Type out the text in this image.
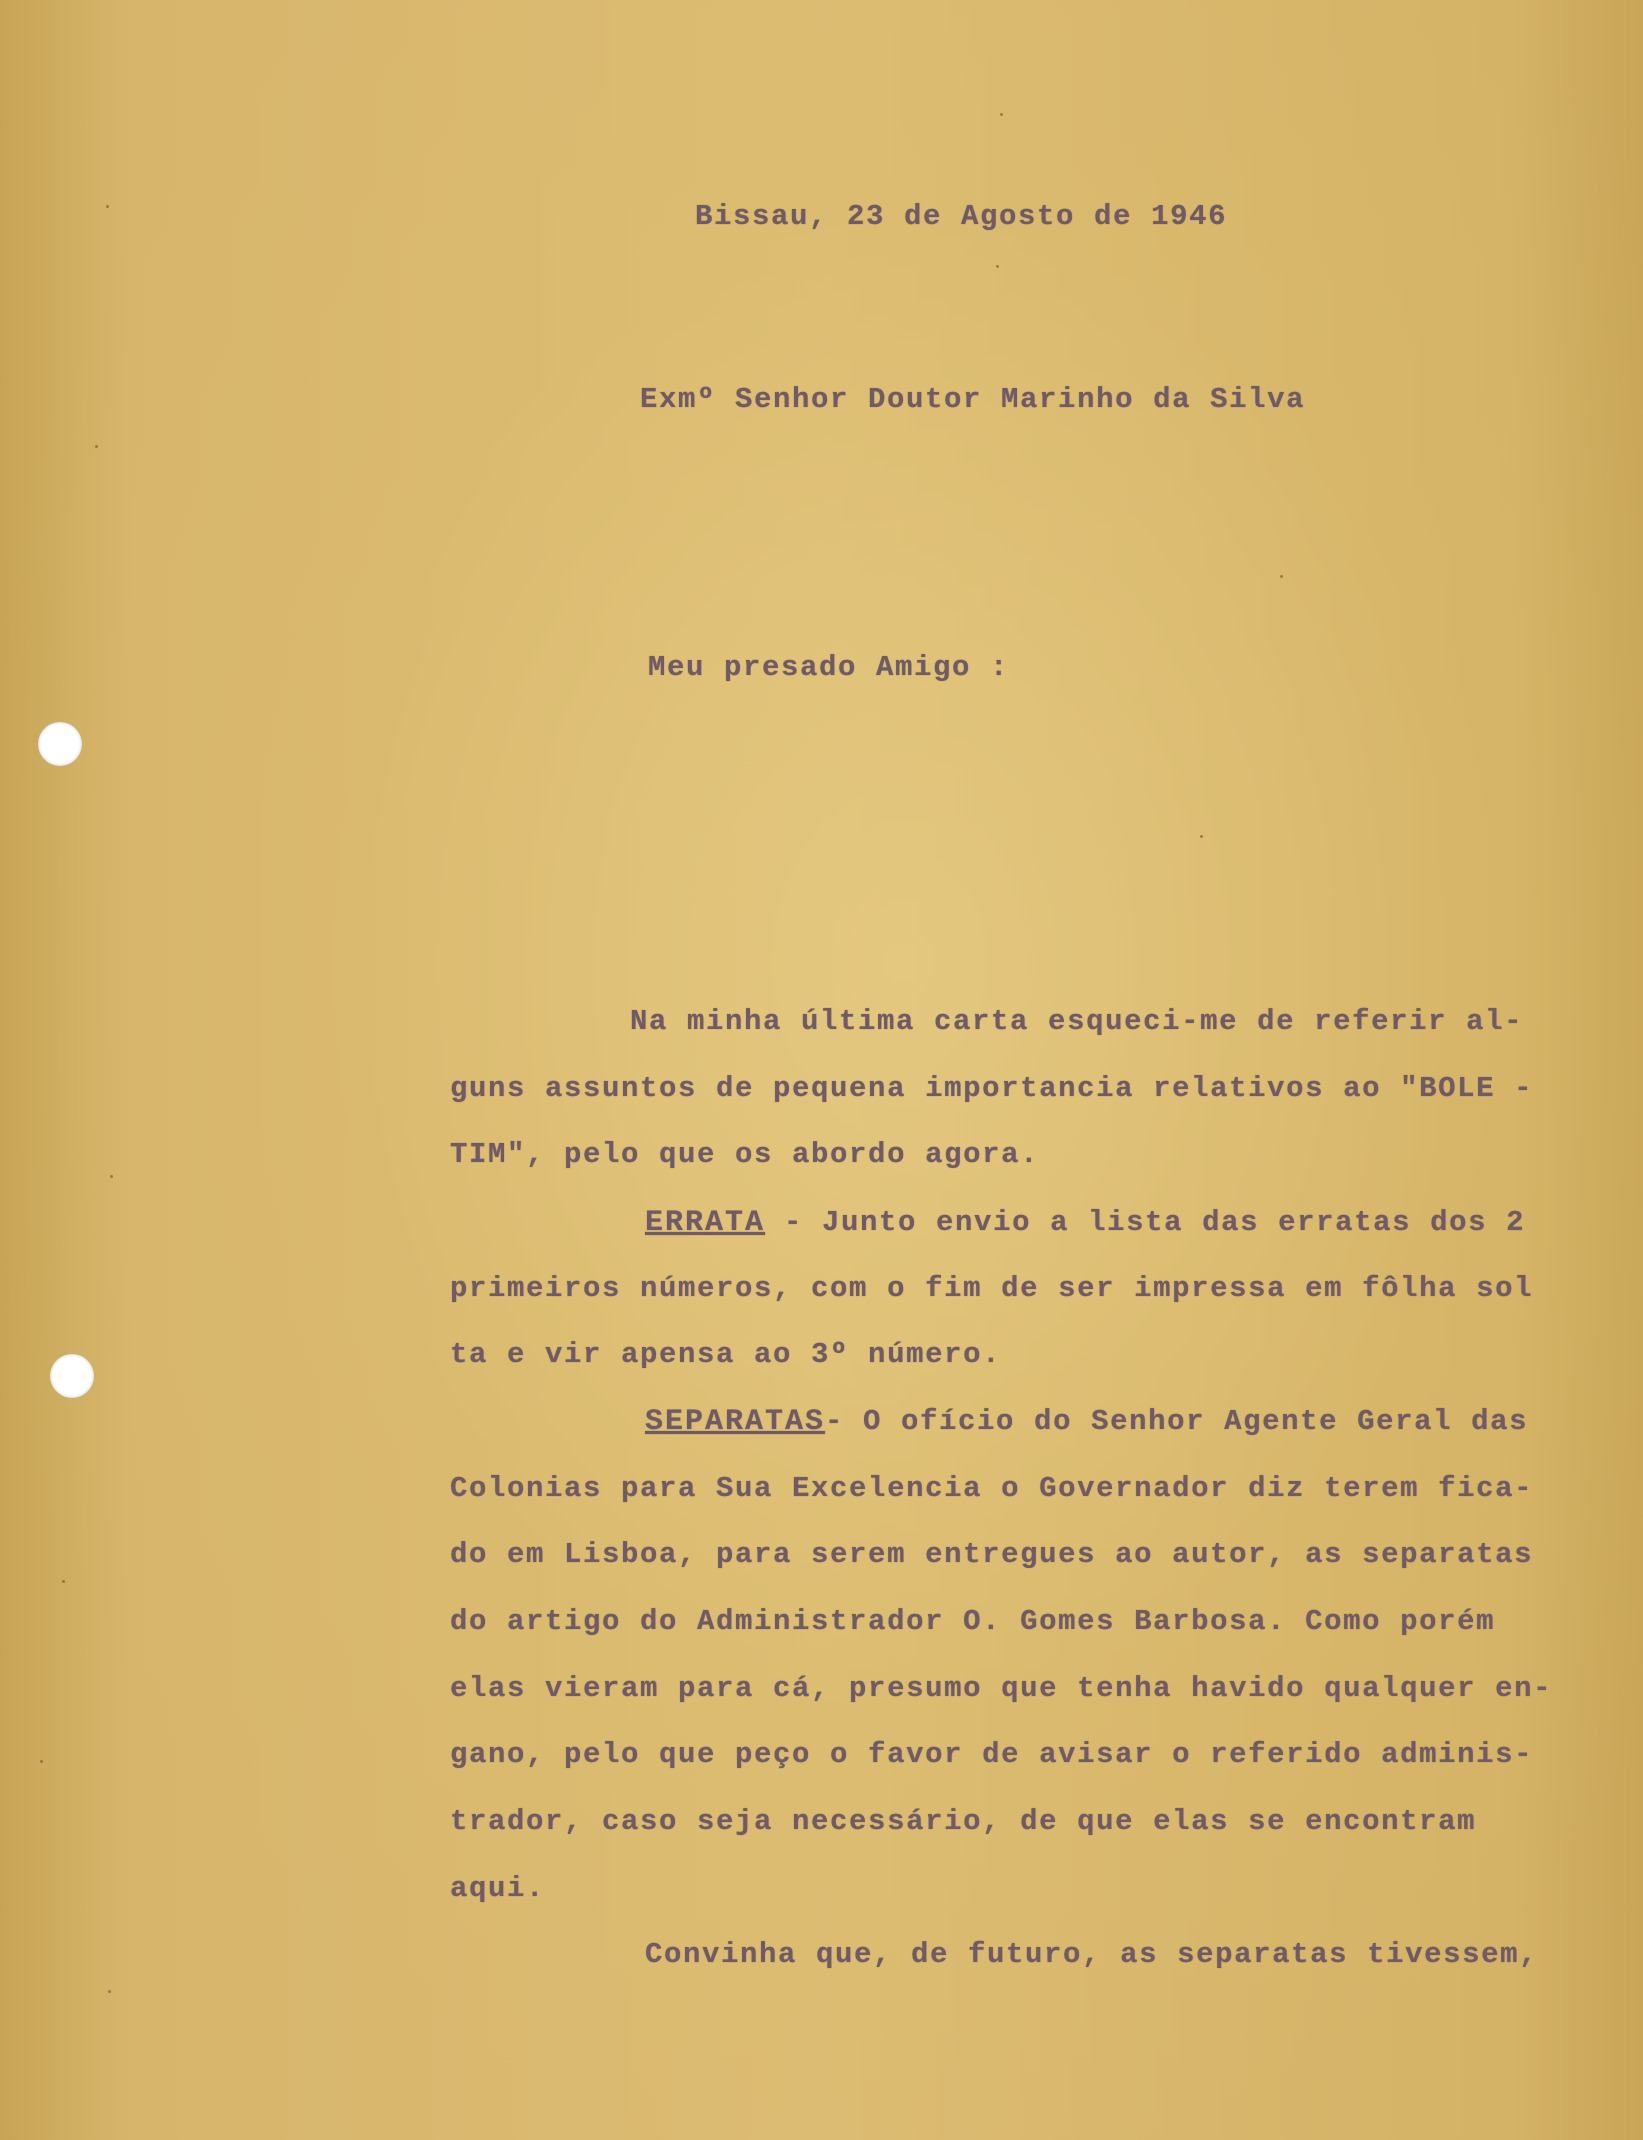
Bissau, 23 de Agosto de 1946
Exmº Senhor Doutor Marinho da Silva
Meu presado Amigo :
Na minha última carta esqueci-me de referir al-
guns assuntos de pequena importancia relativos ao "BOLE -
TIM", pelo que os abordo agora.
ERRATA - Junto envio a lista das erratas dos 2
primeiros números, com o fim de ser impressa em fôlha sol
ta e vir apensa ao 3º número.
SEPARATAS- O ofício do Senhor Agente Geral das
Colonias para Sua Excelencia o Governador diz terem fica-
do em Lisboa, para serem entregues ao autor, as separatas
do artigo do Administrador O. Gomes Barbosa. Como porém
elas vieram para cá, presumo que tenha havido qualquer en-
gano, pelo que peço o favor de avisar o referido adminis-
trador, caso seja necessário, de que elas se encontram
aqui.
Convinha que, de futuro, as separatas tivessem,
